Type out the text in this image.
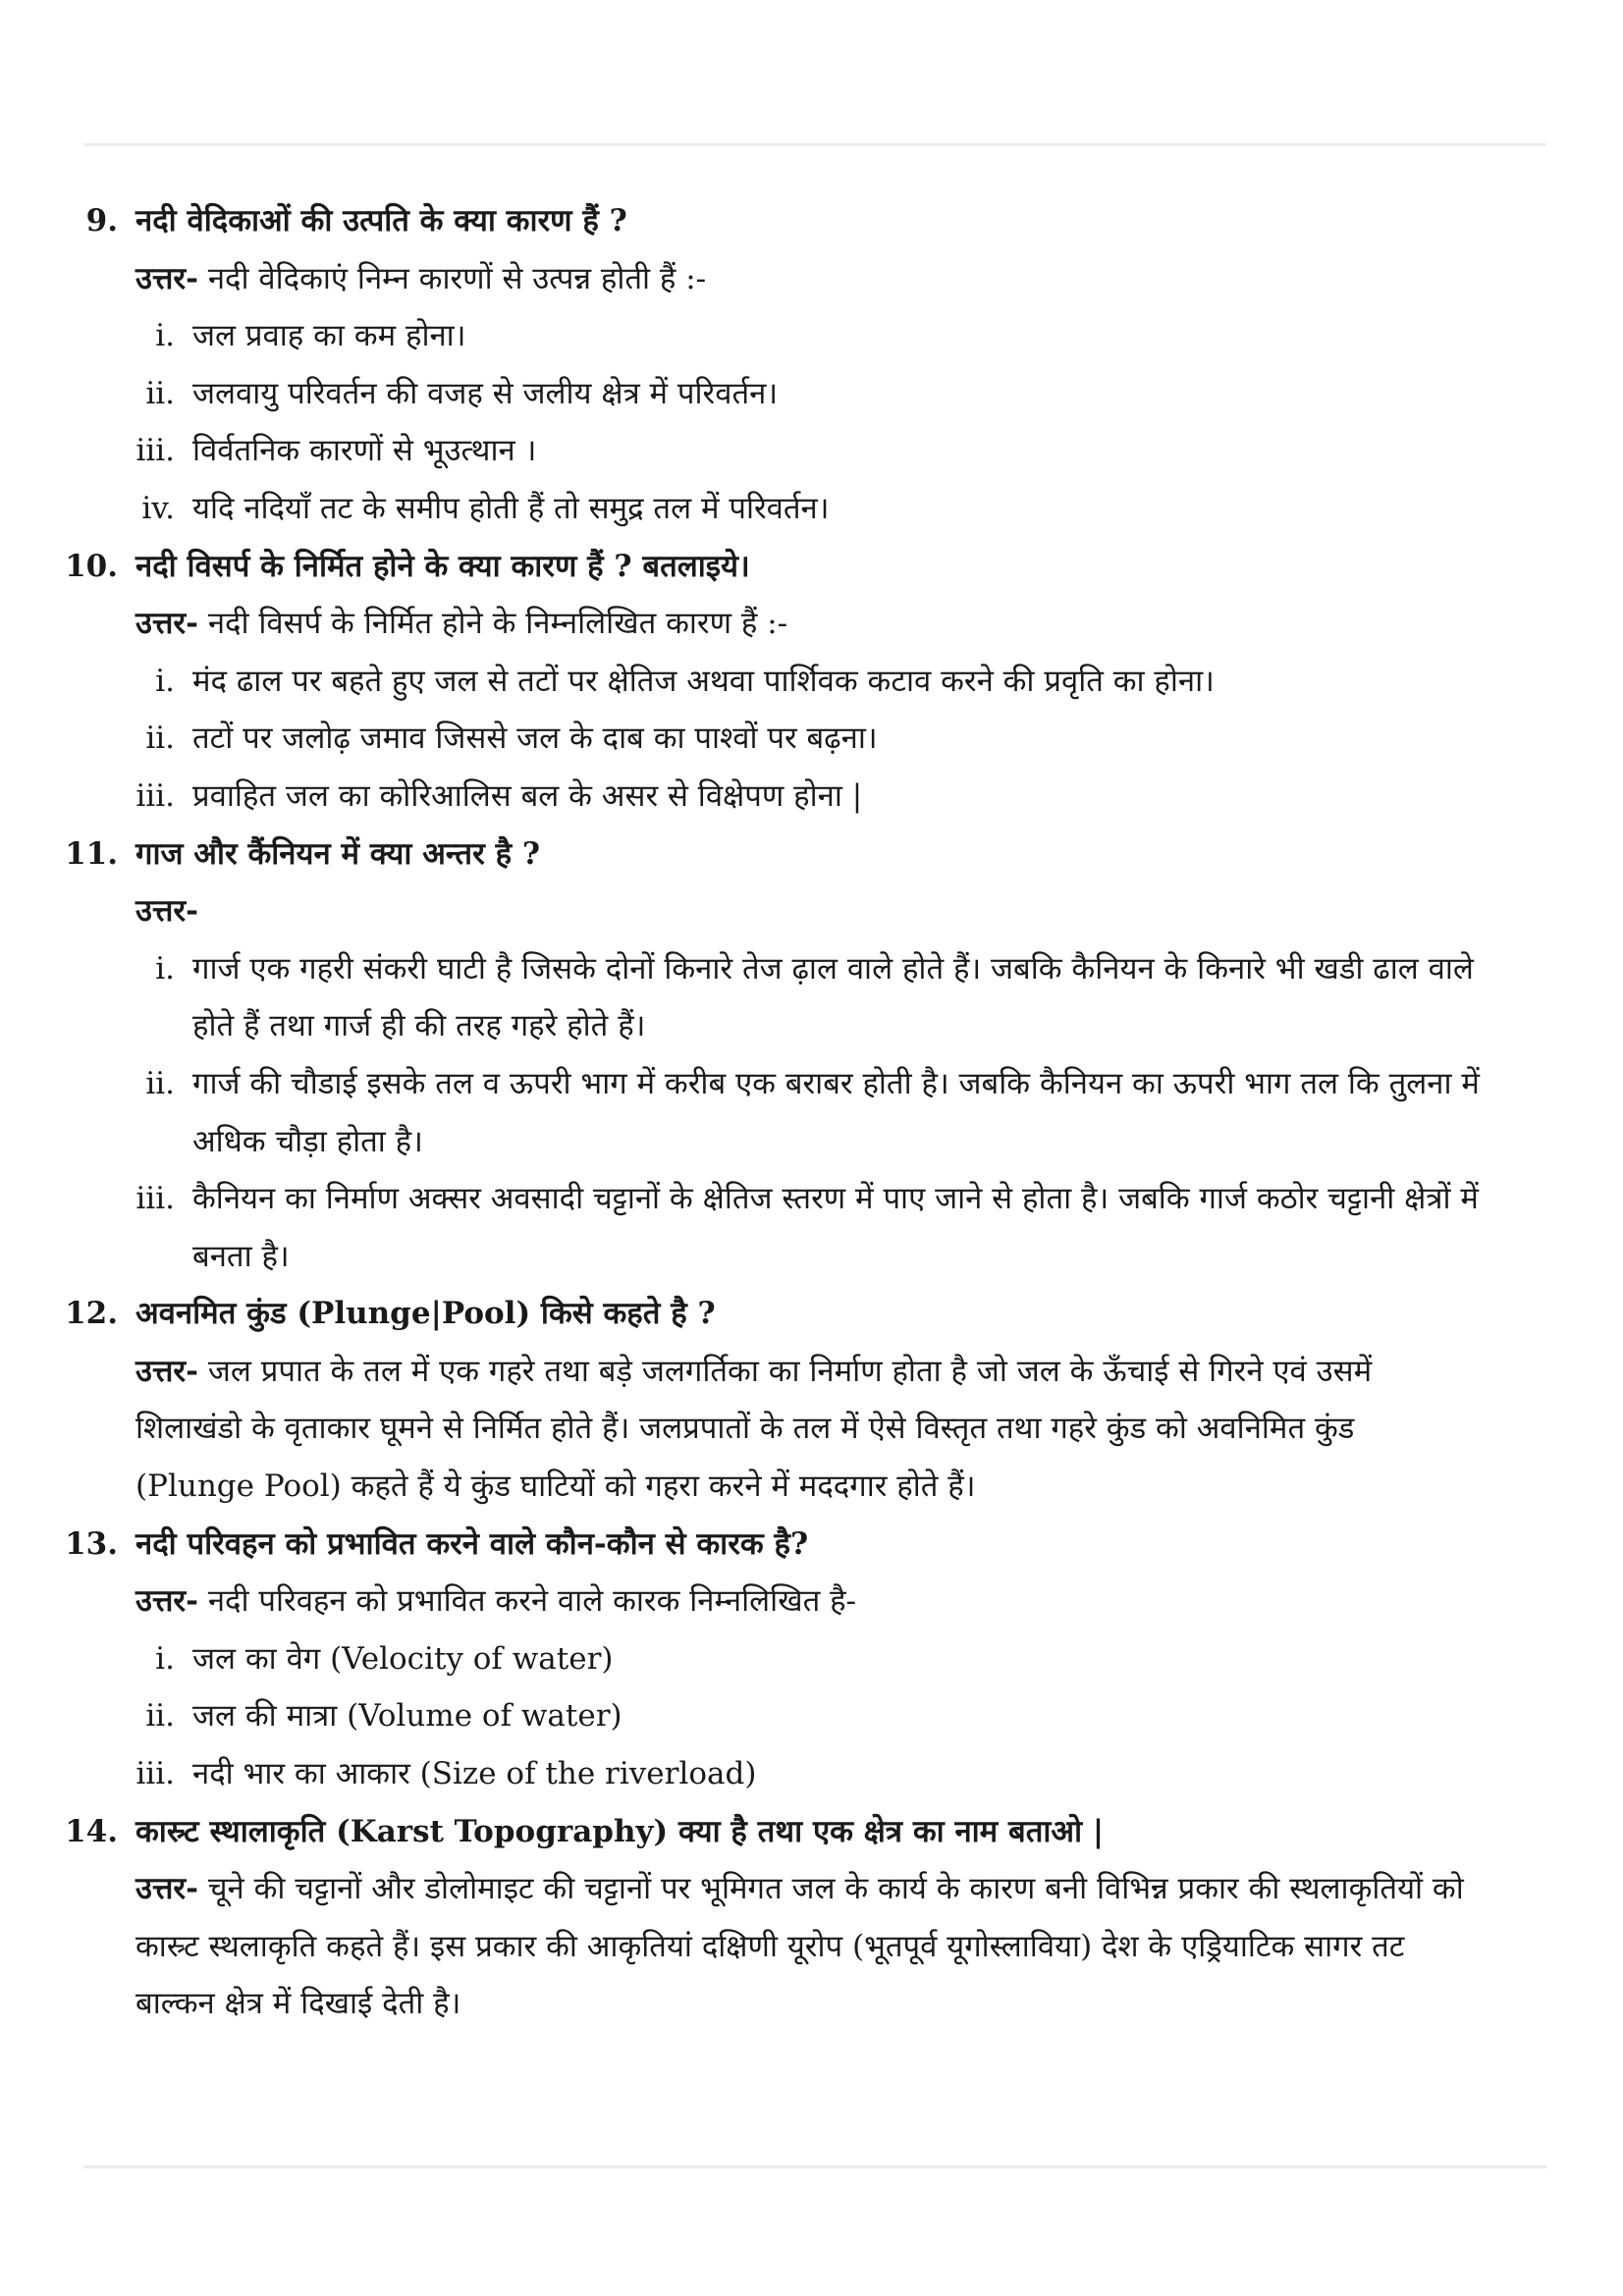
9. नदी वेदिकाओं की उत्पति के क्या कारण हैं ?
उत्तर- नदी वेदिकाएं निम्न कारणों से उत्पन्न होती हैं :-
i. जल प्रवाह का कम होना।
ii. जलवायु परिवर्तन की वजह से जलीय क्षेत्र में परिवर्तन।
iii. विर्वतनिक कारणों से भूउत्थान ।
iv. यदि नदियाँ तट के समीप होती हैं तो समुद्र तल में परिवर्तन।
10. नदी विसर्प के निर्मित होने के क्या कारण हैं ? बतलाइये।
उत्तर- नदी विसर्प के निर्मित होने के निम्नलिखित कारण हैं :-
i. मंद ढाल पर बहते हुए जल से तटों पर क्षेतिज अथवा पार्शिवक कटाव करने की प्रवृति का होना।
ii. तटों पर जलोढ़ जमाव जिससे जल के दाब का पाश्वों पर बढ़ना।
iii. प्रवाहित जल का कोरिआलिस बल के असर से विक्षेपण होना |
11. गाज और कैंनियन में क्या अन्तर है ?
उत्तर-
i. गार्ज एक गहरी संकरी घाटी है जिसके दोनों किनारे तेज ढ़ाल वाले होते हैं। जबकि कैनियन के किनारे भी खडी ढाल वाले
होते हैं तथा गार्ज ही की तरह गहरे होते हैं।
ii. गार्ज की चौडाई इसके तल व ऊपरी भाग में करीब एक बराबर होती है। जबकि कैनियन का ऊपरी भाग तल कि तुलना में
अधिक चौड़ा होता है।
iii. कैनियन का निर्माण अक्सर अवसादी चट्टानों के क्षेतिज स्तरण में पाए जाने से होता है। जबकि गार्ज कठोर चट्टानी क्षेत्रों में
बनता है।
12. अवनमित कुंड (Plunge|Pool) किसे कहते है ?
उत्तर- जल प्रपात के तल में एक गहरे तथा बड़े जलगर्तिका का निर्माण होता है जो जल के ऊँचाई से गिरने एवं उसमें
शिलाखंडो के वृताकार घूमने से निर्मित होते हैं। जलप्रपातों के तल में ऐसे विस्तृत तथा गहरे कुंड को अवनिमित कुंड
(Plunge Pool) कहते हैं ये कुंड घाटियों को गहरा करने में मददगार होते हैं।
13. नदी परिवहन को प्रभावित करने वाले कौन-कौन से कारक है?
उत्तर- नदी परिवहन को प्रभावित करने वाले कारक निम्नलिखित है-
i. जल का वेग (Velocity of water)
ii. जल की मात्रा (Volume of water)
iii. नदी भार का आकार (Size of the riverload)
14. कास्र्ट स्थालाकृति (Karst Topography) क्या है तथा एक क्षेत्र का नाम बताओ |
उत्तर- चूने की चट्टानों और डोलोमाइट की चट्टानों पर भूमिगत जल के कार्य के कारण बनी विभिन्न प्रकार की स्थलाकृतियों को
कास्र्ट स्थलाकृति कहते हैं। इस प्रकार की आकृतियां दक्षिणी यूरोप (भूतपूर्व यूगोस्लाविया) देश के एड्रियाटिक सागर तट
बाल्कन क्षेत्र में दिखाई देती है।
